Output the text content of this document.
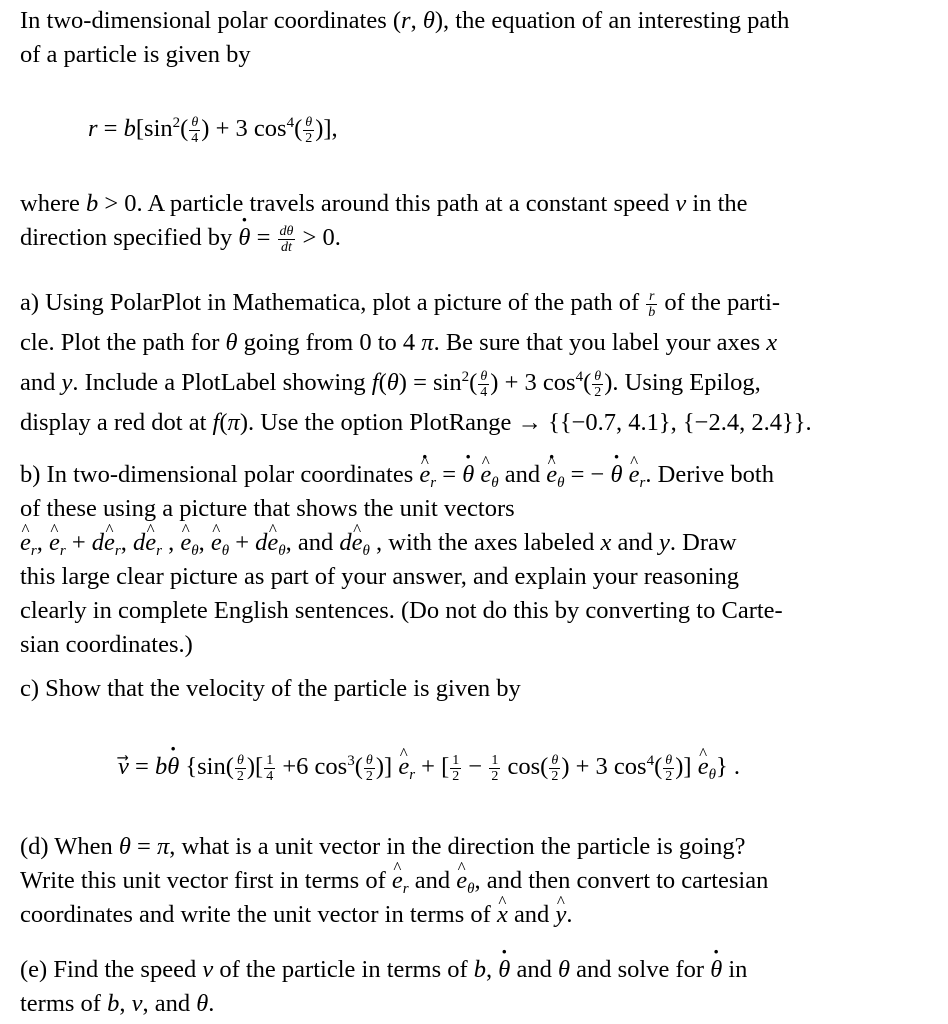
In two-dimensional polar coordinates (r, θ), the equation of an interesting path
of a particle is given by

$r = b[\sin^2( \frac{\theta}{4}$ ) + 3 $\cos^4( \frac{\theta}{2}$ )],

where b > 0. A particle travels around this path at a constant speed v in the
direction specified by · $\theta = \frac{d\theta}{dt} > 0$.

a) Using PolarPlot in Mathematica, plot a picture of the path of $\frac{r}{b}$ of the parti-
cle. Plot the path for θ going from 0 to 4 π. Be sure that you label your axes x
and y. Include a PlotLabel showing $f(\theta) = \sin^2( \frac{\theta}{4}$ ) + 3 $\cos^4( \frac{\theta}{2}$ ). Using Epilog,
display a red dot at f(π). Use the option PlotRange → {{−0.7, 4.1}, {−2.4, 2.4}}.

b) In two-dimensional polar coordinates · ^ $e_r$ = · θ ^ $e_\theta$ and · ^ $e_\theta$ = − · θ ^ $e_r$. Derive both
of these using a picture that shows the unit vectors
^ $e_r$, ^ $e_r$ + d^ $e_r$, d^ $e_r$ , ^ $e_\theta$, ^ $e_\theta$ + d^ $e_\theta$, and d^ $e_\theta$ , with the axes labeled x and y. Draw
this large clear picture as part of your answer, and explain your reasoning
clearly in complete English sentences. (Do not do this by converting to Carte-
sian coordinates.)

c) Show that the velocity of the particle is given by

v⃗ = b· θ {$\sin( \frac{\theta}{2}$ )[ $\frac{1}{4} +6$ $\cos^3( \frac{\theta}{2}$ )] ^ $e_r$ + [ $\frac{1}{2} - \frac{1}{2} \cos( \frac{\theta}{2}$ ) + 3 $\cos^4( \frac{\theta}{2}$ )] ^ $e_\theta$} .

(d) When θ = π, what is a unit vector in the direction the particle is going?
Write this unit vector first in terms of ^ $e_r$ and ^ $e_\theta$, and then convert to cartesian
coordinates and write the unit vector in terms of ^ x and ^ y.

(e) Find the speed v of the particle in terms of b, · θ and θ and solve for · θ in
terms of b, v, and θ.
